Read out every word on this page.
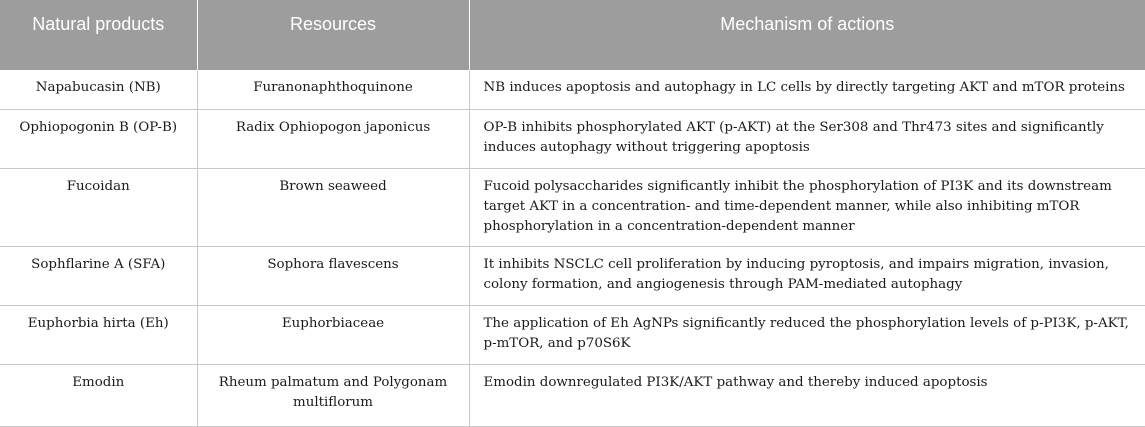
Natural products	Resources	Mechanism of actions
Napabucasin (NB)	Furanonaphthoquinone	NB induces apoptosis and autophagy in LC cells by directly targeting AKT and mTOR proteins
Ophiopogonin B (OP-B)	Radix Ophiopogon japonicus	OP-B inhibits phosphorylated AKT (p-AKT) at the Ser308 and Thr473 sites and significantly induces autophagy without triggering apoptosis
Fucoidan	Brown seaweed	Fucoid polysaccharides significantly inhibit the phosphorylation of PI3K and its downstream target AKT in a concentration- and time-dependent manner, while also inhibiting mTOR phosphorylation in a concentration-dependent manner
Sophflarine A (SFA)	Sophora flavescens	It inhibits NSCLC cell proliferation by inducing pyroptosis, and impairs migration, invasion, colony formation, and angiogenesis through PAM-mediated autophagy
Euphorbia hirta (Eh)	Euphorbiaceae	The application of Eh AgNPs significantly reduced the phosphorylation levels of p-PI3K, p-AKT, p-mTOR, and p70S6K
Emodin	Rheum palmatum and Polygonam multiflorum	Emodin downregulated PI3K/AKT pathway and thereby induced apoptosis
